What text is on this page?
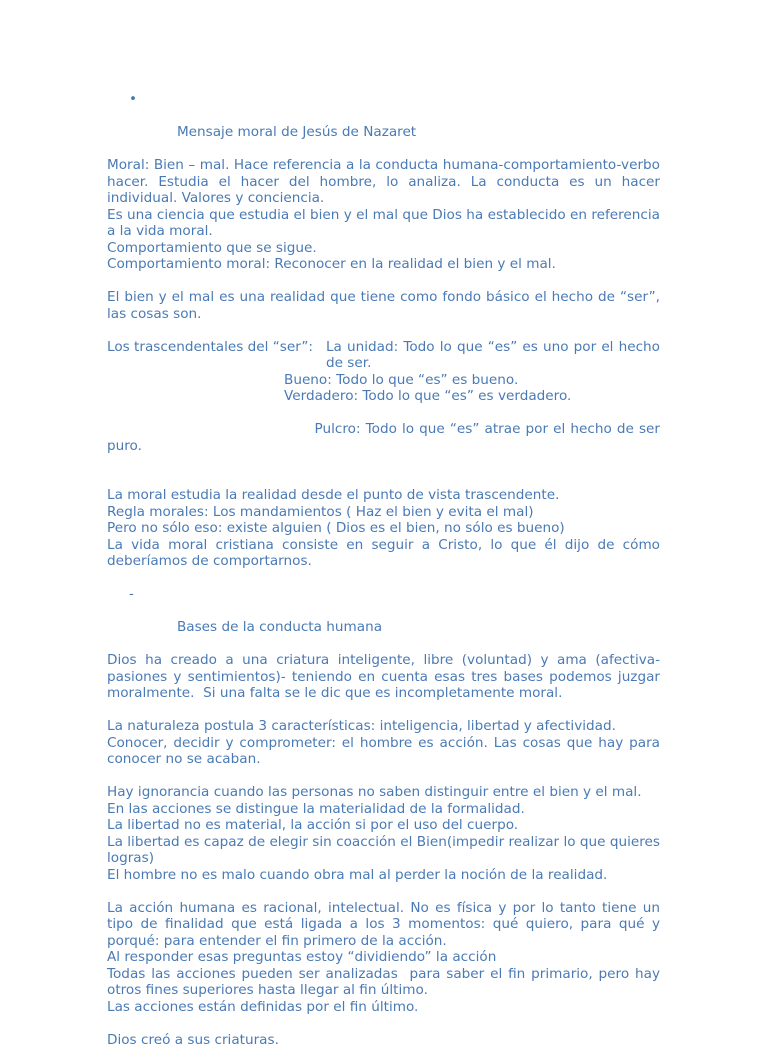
•

Mensaje moral de Jesús de Nazaret

Moral: Bien – mal. Hace referencia a la conducta humana-comportamiento-verbo hacer. Estudia el hacer del hombre, lo analiza. La conducta es un hacer individual. Valores y conciencia.
Es una ciencia que estudia el bien y el mal que Dios ha establecido en referencia a la vida moral.
Comportamiento que se sigue.
Comportamiento moral: Reconocer en la realidad el bien y el mal.
El bien y el mal es una realidad que tiene como fondo básico el hecho de “ser”, las cosas son.
Los trascendentales del “ser”: La unidad: Todo lo que “es” es uno por el hecho de ser.
Bueno: Todo lo que “es” es bueno.
Verdadero: Todo lo que “es” es verdadero.

Pulcro: Todo lo que “es” atrae por el hecho de ser puro.

La moral estudia la realidad desde el punto de vista trascendente.
Regla morales: Los mandamientos ( Haz el bien y evita el mal)
Pero no sólo eso: existe alguien ( Dios es el bien, no sólo es bueno)
La vida moral cristiana consiste en seguir a Cristo, lo que él dijo de cómo deberíamos de comportarnos.

-

Bases de la conducta humana

Dios ha creado a una criatura inteligente, libre (voluntad) y ama (afectiva-pasiones y sentimientos)- teniendo en cuenta esas tres bases podemos juzgar moralmente.  Si una falta se le dic que es incompletamente moral.
La naturaleza postula 3 características: inteligencia, libertad y afectividad.
Conocer, decidir y comprometer: el hombre es acción. Las cosas que hay para conocer no se acaban.
Hay ignorancia cuando las personas no saben distinguir entre el bien y el mal.
En las acciones se distingue la materialidad de la formalidad.
La libertad no es material, la acción si por el uso del cuerpo.
La libertad es capaz de elegir sin coacción el Bien(impedir realizar lo que quieres logras)
El hombre no es malo cuando obra mal al perder la noción de la realidad.
La acción humana es racional, intelectual. No es física y por lo tanto tiene un tipo de finalidad que está ligada a los 3 momentos: qué quiero, para qué y porqué: para entender el fin primero de la acción.
Al responder esas preguntas estoy “dividiendo” la acción
Todas las acciones pueden ser analizadas  para saber el fin primario, pero hay otros fines superiores hasta llegar al fin último.
Las acciones están definidas por el fin último.
Dios creó a sus criaturas.
